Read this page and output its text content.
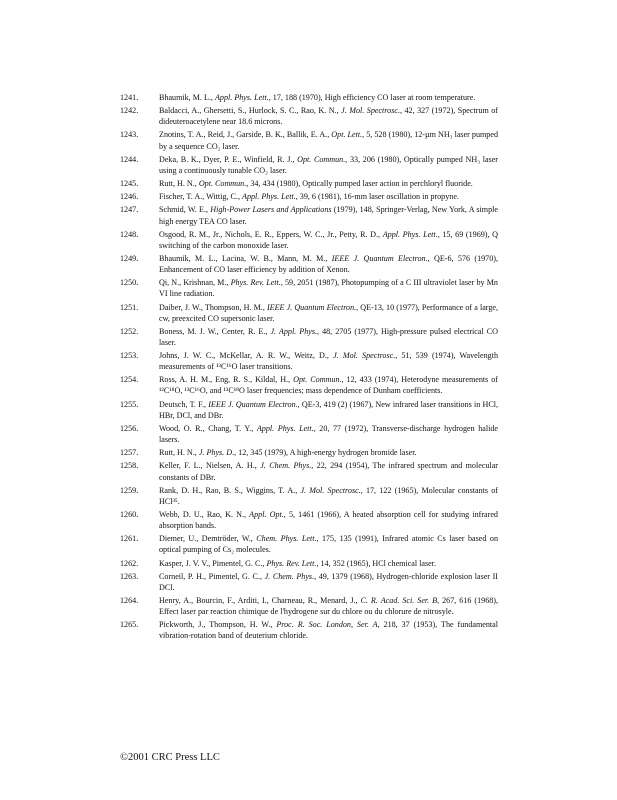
1241.	Bhaumik, M. L., Appl. Phys. Lett., 17, 188 (1970), High efficiency CO laser at room temperature.
1242.	Baldacci, A., Ghersetti, S., Hurlock, S. C., Rao, K. N., J. Mol. Spectrosc., 42, 327 (1972), Spectrum of dideuteroacetylene near 18.6 microns.
1243.	Znotins, T. A., Reid, J., Garside, B. K., Ballik, E. A., Opt. Lett., 5, 528 (1980), 12-µm NH₃ laser pumped by a sequence CO₂ laser.
1244.	Deka, B. K., Dyer, P. E., Winfield, R. J., Opt. Commun., 33, 206 (1980), Optically pumped NH₃ laser using a continuously tunable CO₂ laser.
1245.	Rutt, H. N., Opt. Commun., 34, 434 (1980), Optically pumped laser action in perchloryl fluoride.
1246.	Fischer, T. A., Wittig, C., Appl. Phys. Lett., 39, 6 (1981), 16-mm laser oscillation in propyne.
1247.	Schmid, W. E., High-Power Lasers and Applications (1979), 148, Springer-Verlag, New York, A simple high energy TEA CO laser.
1248.	Osgood, R. M., Jr., Nichols, E. R., Eppers, W. C., Jr., Petty, R. D., Appl. Phys. Lett., 15, 69 (1969), Q switching of the carbon monoxide laser.
1249.	Bhaumik, M. L., Lacina, W. B., Mann, M. M., IEEE J. Quantum Electron., QE-6, 576 (1970), Enhancement of CO laser efficiency by addition of Xenon.
1250.	Qi, N., Krishnan, M., Phys. Rev. Lett., 59, 2051 (1987), Photopumping of a C III ultraviolet laser by Mn VI line radiation.
1251.	Daiber, J. W., Thompson, H. M., IEEE J. Quantum Electron., QE-13, 10 (1977), Performance of a large, cw, preexcited CO supersonic laser.
1252.	Boness, M. J. W., Center, R. E., J. Appl. Phys., 48, 2705 (1977), High-pressure pulsed electrical CO laser.
1253.	Johns, J. W. C., McKellar, A. R. W., Weitz, D., J. Mol. Spectrosc., 51, 539 (1974), Wavelength measurements of ¹³C¹⁶O laser transitions.
1254.	Ross, A. H. M., Eng, R. S., Kildal, H., Opt. Commun., 12, 433 (1974), Heterodyne measurements of ¹²C¹⁸O, ¹³C¹⁶O, and ¹³C¹⁸O laser frequencies; mass dependence of Dunham coefficients.
1255.	Deutsch, T. F., IEEE J. Quantum Electron., QE-3, 419 (2) (1967), New infrared laser transitions in HCl, HBr, DCl, and DBr.
1256.	Wood, O. R., Chang, T. Y., Appl. Phys. Lett., 20, 77 (1972), Transverse-discharge hydrogen halide lasers.
1257.	Rutt, H. N., J. Phys. D., 12, 345 (1979), A high-energy hydrogen bromide laser.
1258.	Keller, F. L., Nielsen, A. H., J. Chem. Phys., 22, 294 (1954), The infrared spectrum and molecular constants of DBr.
1259.	Rank, D. H., Rao, B. S., Wiggins, T. A., J. Mol. Spectrosc., 17, 122 (1965), Molecular constants of HCl³⁵.
1260.	Webb, D. U., Rao, K. N., Appl. Opt., 5, 1461 (1966), A heated absorption cell for studying infrared absorption bands.
1261.	Diemer, U., Demtröder, W., Chem. Phys. Lett., 175, 135 (1991), Infrared atomic Cs laser based on optical pumping of Cs₂ molecules.
1262.	Kasper, J. V. V., Pimentel, G. C., Phys. Rev. Lett., 14, 352 (1965), HCl chemical laser.
1263.	Corneil, P. H., Pimentel, G. C., J. Chem. Phys., 49, 1379 (1968), Hydrogen-chloride explosion laser II DCl.
1264.	Henry, A., Bourcin, F., Arditi, I., Charneau, R., Menard, J., C. R. Acad. Sci. Ser. B, 267, 616 (1968), Effect laser par reaction chimique de l'hydrogene sur du chlore ou du chlorure de nitrosyle.
1265.	Pickworth, J., Thompson, H. W., Proc. R. Soc. London, Ser. A, 218, 37 (1953), The fundamental vibration-rotation band of deuterium chloride.
©2001 CRC Press LLC
